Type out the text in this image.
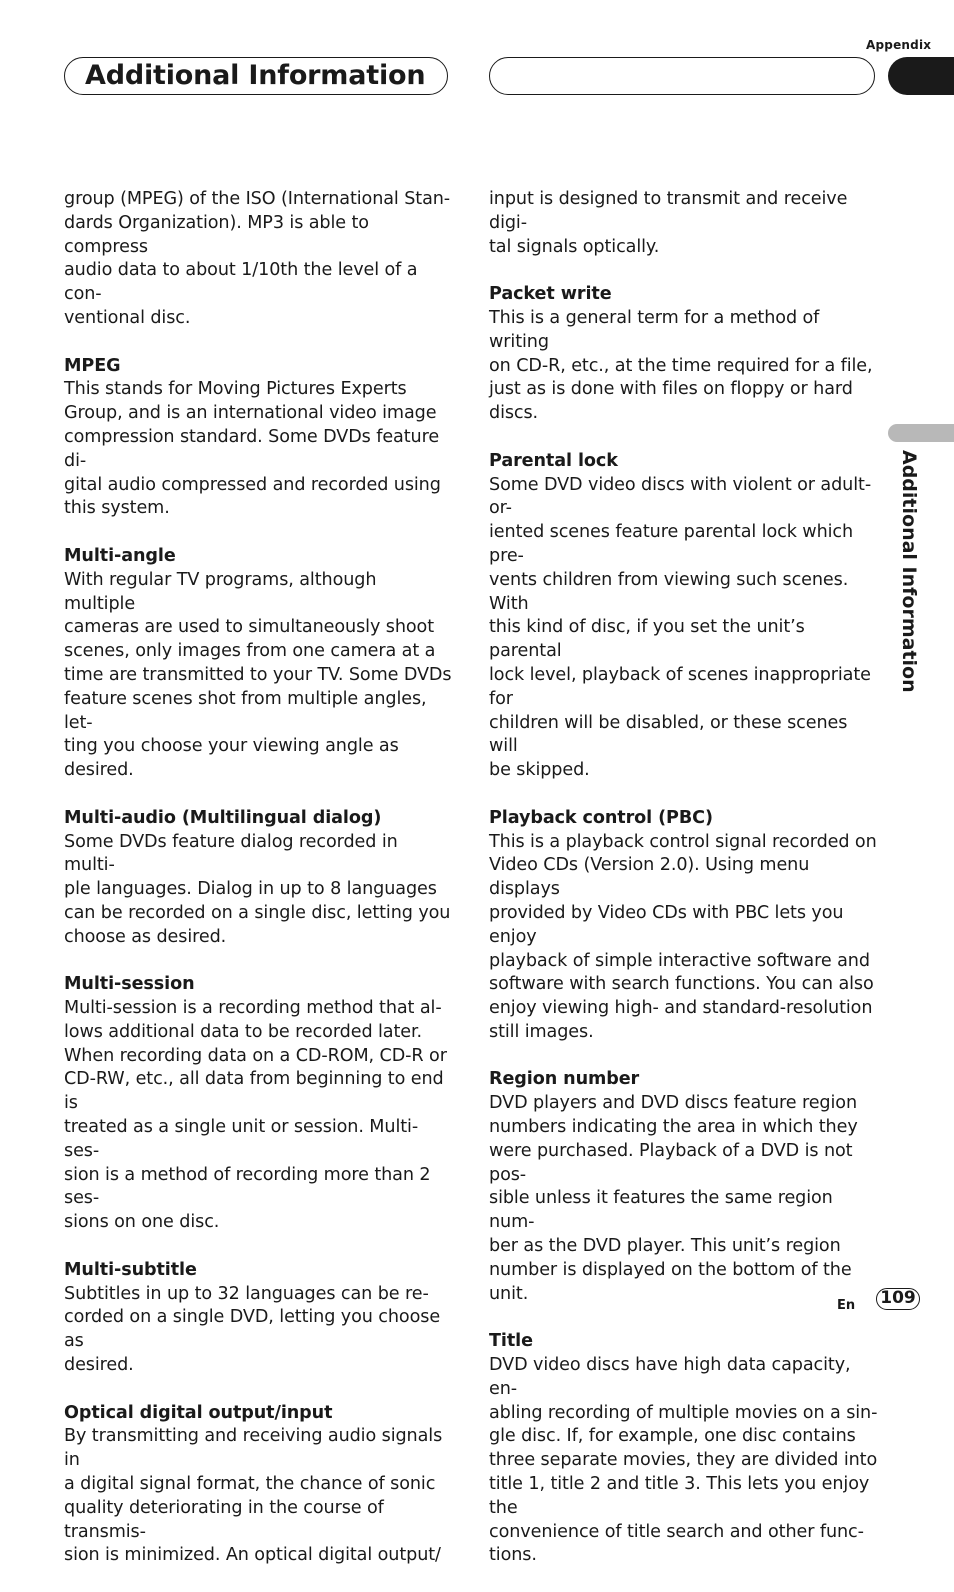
Appendix
Additional Information
Additional Information
group (MPEG) of the ISO (International Stan-
dards Organization). MP3 is able to compress
audio data to about 1/10th the level of a con-
ventional disc.
MPEG
This stands for Moving Pictures Experts
Group, and is an international video image
compression standard. Some DVDs feature di-
gital audio compressed and recorded using
this system.
Multi-angle
With regular TV programs, although multiple
cameras are used to simultaneously shoot
scenes, only images from one camera at a
time are transmitted to your TV. Some DVDs
feature scenes shot from multiple angles, let-
ting you choose your viewing angle as desired.
Multi-audio (Multilingual dialog)
Some DVDs feature dialog recorded in multi-
ple languages. Dialog in up to 8 languages
can be recorded on a single disc, letting you
choose as desired.
Multi-session
Multi-session is a recording method that al-
lows additional data to be recorded later.
When recording data on a CD-ROM, CD-R or
CD-RW, etc., all data from beginning to end is
treated as a single unit or session. Multi-ses-
sion is a method of recording more than 2 ses-
sions on one disc.
Multi-subtitle
Subtitles in up to 32 languages can be re-
corded on a single DVD, letting you choose as
desired.
Optical digital output/input
By transmitting and receiving audio signals in
a digital signal format, the chance of sonic
quality deteriorating in the course of transmis-
sion is minimized. An optical digital output/
input is designed to transmit and receive digi-
tal signals optically.
Packet write
This is a general term for a method of writing
on CD-R, etc., at the time required for a file,
just as is done with files on floppy or hard
discs.
Parental lock
Some DVD video discs with violent or adult-or-
iented scenes feature parental lock which pre-
vents children from viewing such scenes. With
this kind of disc, if you set the unit’s parental
lock level, playback of scenes inappropriate for
children will be disabled, or these scenes will
be skipped.
Playback control (PBC)
This is a playback control signal recorded on
Video CDs (Version 2.0). Using menu displays
provided by Video CDs with PBC lets you enjoy
playback of simple interactive software and
software with search functions. You can also
enjoy viewing high- and standard-resolution
still images.
Region number
DVD players and DVD discs feature region
numbers indicating the area in which they
were purchased. Playback of a DVD is not pos-
sible unless it features the same region num-
ber as the DVD player. This unit’s region
number is displayed on the bottom of the unit.
Title
DVD video discs have high data capacity, en-
abling recording of multiple movies on a sin-
gle disc. If, for example, one disc contains
three separate movies, they are divided into
title 1, title 2 and title 3. This lets you enjoy the
convenience of title search and other func-
tions.
En 109
